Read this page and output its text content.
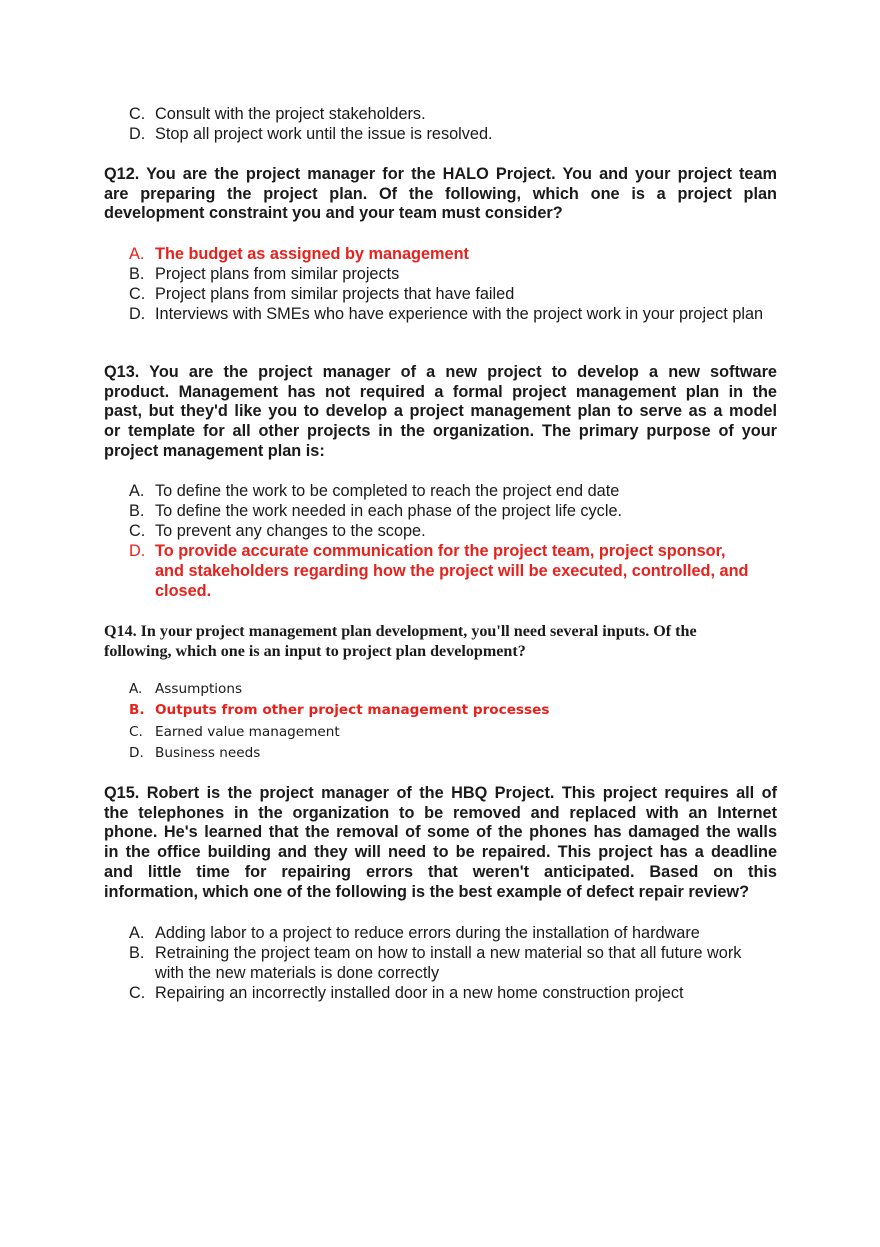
C. Consult with the project stakeholders.
D. Stop all project work until the issue is resolved.

Q12. You are the project manager for the HALO Project. You and your project team
are preparing the project plan. Of the following, which one is a project plan
development constraint you and your team must consider?

A. The budget as assigned by management
B. Project plans from similar projects
C. Project plans from similar projects that have failed
D. Interviews with SMEs who have experience with the project work in your project plan

Q13. You are the project manager of a new project to develop a new software
product. Management has not required a formal project management plan in the
past, but they'd like you to develop a project management plan to serve as a model
or template for all other projects in the organization. The primary purpose of your
project management plan is:

A. To define the work to be completed to reach the project end date
B. To define the work needed in each phase of the project life cycle.
C. To prevent any changes to the scope.
D. To provide accurate communication for the project team, project sponsor, and stakeholders regarding how the project will be executed, controlled, and closed.

Q14. In your project management plan development, you'll need several inputs. Of the
following, which one is an input to project plan development?

A. Assumptions
B. Outputs from other project management processes
C. Earned value management
D. Business needs

Q15. Robert is the project manager of the HBQ Project. This project requires all of
the telephones in the organization to be removed and replaced with an Internet
phone. He's learned that the removal of some of the phones has damaged the walls
in the office building and they will need to be repaired. This project has a deadline
and little time for repairing errors that weren't anticipated. Based on this
information, which one of the following is the best example of defect repair review?

A. Adding labor to a project to reduce errors during the installation of hardware
B. Retraining the project team on how to install a new material so that all future work with the new materials is done correctly
C. Repairing an incorrectly installed door in a new home construction project
